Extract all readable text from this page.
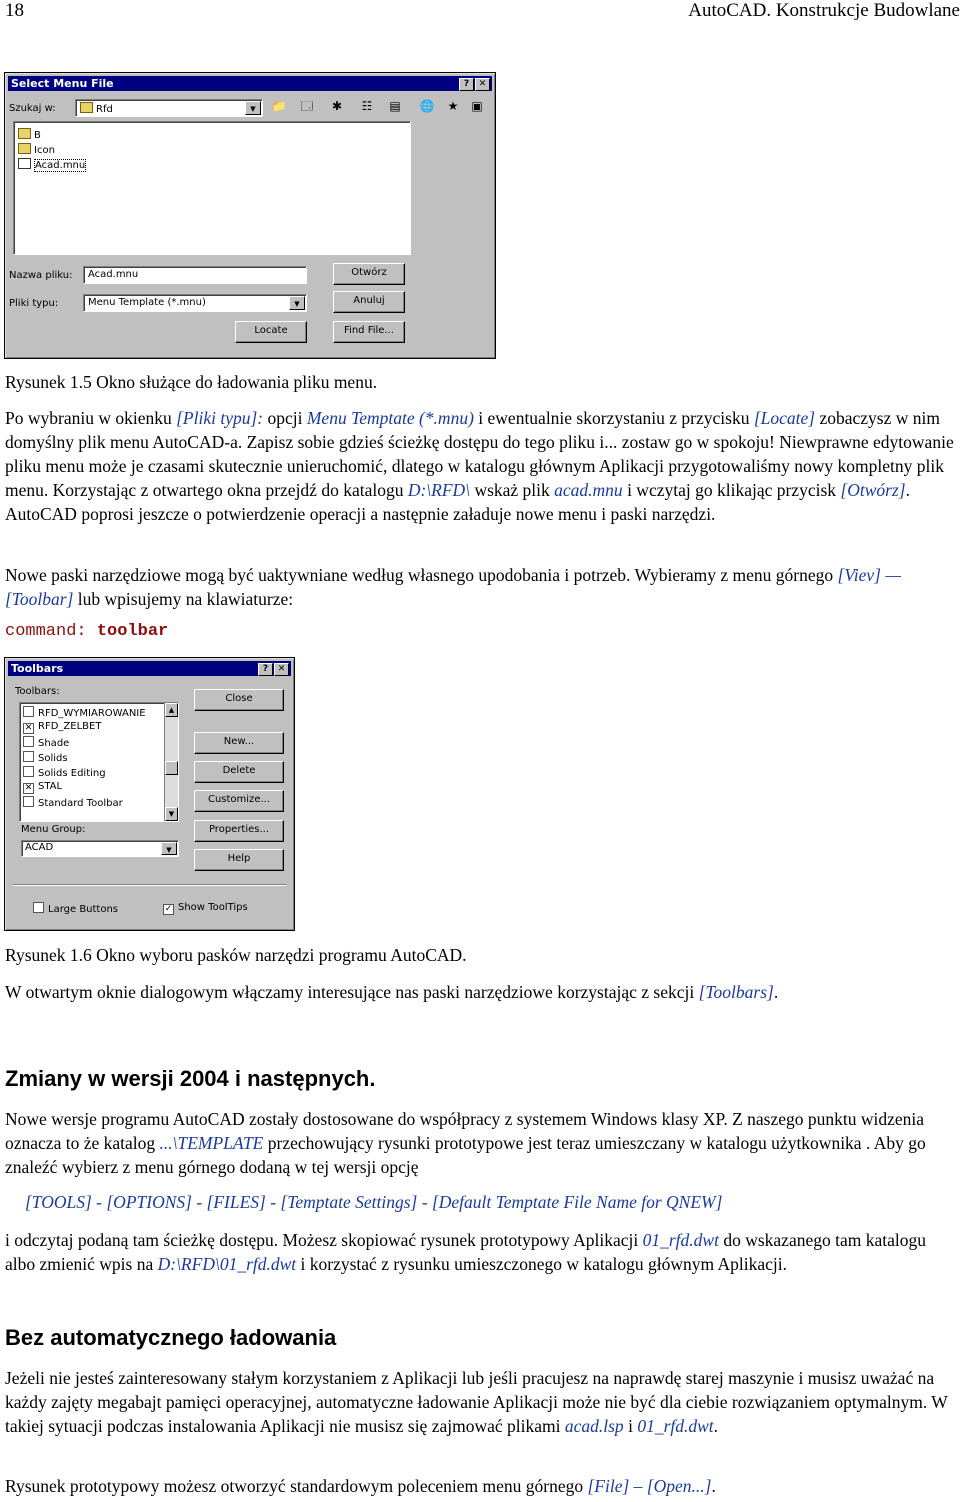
18	AutoCAD. Konstrukcje Budowlane
Select Menu File	?	✕
Szukaj w:	Rfd	▼	📁 🗔	✱	☷	▤	🌐	★	▣
B
Icon
Acad.mnu
Nazwa pliku: Acad.mnu
Pliki typu:	Menu Template (*.mnu)	▼
Otwórz
Anuluj
Locate	Find File...

Rysunek 1.5 Okno służące do ładowania pliku menu.

Po wybraniu w okienku [Pliki typu]: opcji Menu Temptate (*.mnu) i ewentualnie skorzystaniu z przycisku [Locate] zobaczysz w nim domyślny plik menu AutoCAD-a. Zapisz sobie gdzieś ścieżkę dostępu do tego pliku i... zostaw go w spokoju! Niewprawne edytowanie pliku menu może je czasami skutecznie unieruchomić, dlatego w katalogu głównym Aplikacji przygotowaliśmy nowy kompletny plik menu. Korzystając z otwartego okna przejdź do katalogu D:\RFD\ wskaż plik acad.mnu i wczytaj go klikając przycisk [Otwórz]. AutoCAD poprosi jeszcze o potwierdzenie operacji a następnie załaduje nowe menu i paski narzędzi.

Nowe paski narzędziowe mogą być uaktywniane według własnego upodobania i potrzeb. Wybieramy z menu górnego [Viev] — [Toolbar] lub wpisujemy na klawiaturze:

command: toolbar
Toolbars	?	✕
Toolbars:
RFD_WYMIAROWANIE
✕ RFD_ZELBET
Shade
Solids
Solids Editing
✕ STAL
Standard Toolbar
▲
▼
Menu Group:
ACAD	▼
Close
New...
Delete
Customize...
Properties...
Help
Large Buttons	✓ Show ToolTips

Rysunek 1.6 Okno wyboru pasków narzędzi programu AutoCAD.

W otwartym oknie dialogowym włączamy interesujące nas paski narzędziowe korzystając z sekcji [Toolbars].

Zmiany w wersji 2004 i następnych.

Nowe wersje programu AutoCAD zostały dostosowane do współpracy z systemem Windows klasy XP. Z naszego punktu widzenia oznacza to że katalog ...\TEMPLATE przechowujący rysunki prototypowe jest teraz umieszczany w katalogu użytkownika . Aby go znaleźć wybierz z menu górnego dodaną w tej wersji opcję

[TOOLS] - [OPTIONS] - [FILES] - [Temptate Settings] - [Default Temptate File Name for QNEW]

i odczytaj podaną tam ścieżkę dostępu. Możesz skopiować rysunek prototypowy Aplikacji 01_rfd.dwt do wskazanego tam katalogu albo zmienić wpis na D:\RFD\01_rfd.dwt i korzystać z rysunku umieszczonego w katalogu głównym Aplikacji.

Bez automatycznego ładowania

Jeżeli nie jesteś zainteresowany stałym korzystaniem z Aplikacji lub jeśli pracujesz na naprawdę starej maszynie i musisz uważać na każdy zajęty megabajt pamięci operacyjnej, automatyczne ładowanie Aplikacji może nie być dla ciebie rozwiązaniem optymalnym. W takiej sytuacji podczas instalowania Aplikacji nie musisz się zajmować plikami acad.lsp i 01_rfd.dwt.

Rysunek prototypowy możesz otworzyć standardowym poleceniem menu górnego [File] – [Open...].
